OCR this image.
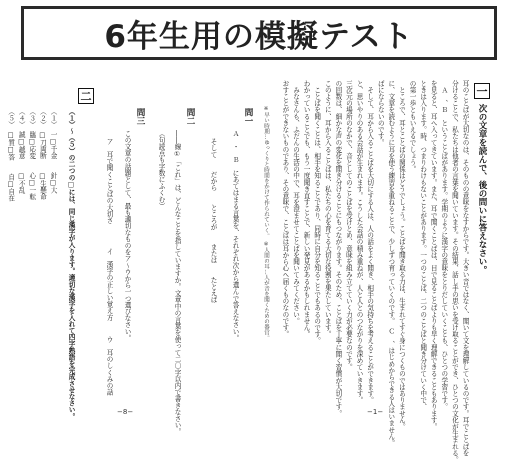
6年生用の模擬テスト
一
次の文章を読んで、後の問いに答えなさい。
耳のことばが大切なのは、そのものの意味をなすからです。大きい音ではなく、聞いて文を理解しているのです。耳でことばを
分けることで、私たちは他者の言葉を聞いています。その結果、話し手の思いを受け取ることができ、ひとつの文化が生まれる。
　Ａ　、Ｂ　ということばがあります。学期のように漢字の意味をとりだしていくことも、ひとつの学習です。
を見ると、耳へ入ってきています。また、耳で聞くことばは、目で見ることばよりも早く理解できることもあります。
ときは入ります。時、つまりわけもないことがあります。一つのことば、二つのことばと聞き分けていく中で、
の第一歩ともいえるでしょう。
　ところで、耳とことばの関係はどうでしょう。ことばを聞き取る力は、生まれてすぐ身につくものではありません。
に、文章を読むように耳を使う練習を重ねることで、少しずつ育っていくのです。　Ｃ　、はじめからできる人はいません。
ばにならないのです。
　そして、耳から入ることばを大切にする人は、人の話をよく聞き、相手の気持ちを考えることができます。
と、思いやりのある会話が生まれます。こうした会話の積み重ねが、人と人とのつながりを深めていきます。
三次元の場所のなかで、音としてのことばを受けとめ、意味を組み立てていく力が必要なのです。
の回数は、細かな声の変化を聞き分けることにもつながります。そのため、ことばを丁寧に聞く習慣が大切です。
このように、耳から入ることばは、私たちの心を育てる大切な役割を果たしています。
　ことばを聞くことは、相手を知ることであり、同時に自分を知ることでもあるのです。
わかっていることでも、もう一度聞き直すことで、新しい発見があるかもしれません。
　みなさんも、ふだんの生活の中で、耳を澄ませてことばを聞いてみてください。
おすことができないものであり、その意味で、ことばは耳から心へ届くものなのです。
※早い時期…ゆっくりと時間をかけて作られていく。　※人間の耳…人が音を聞くための器官。
問一
Ａ　・　Ｂ　にあてはまる言葉を、それぞれ次から選んで答えなさい。
そして　　だから　　ところが　　または　　たとえば
問二
――線①「これ」は、どんなことを指していますか。文章中の言葉を使って二〇字以内で書きなさい。
（句読点も字数にふくむ）
問三
この文章の話題として、最も適切なものをア〜ウから一つ選びなさい。
ア　耳で聞くことばの大切さ
イ　漢字の正しい覚え方
ウ　耳のしくみの話
二
（１）〜（５）の二つの□には、同じ漢字が入ります。適切な漢字を入れて四字熟語を完成させなさい。
（１）　一□千金　　針□大
（２）　□刀両断　　□生懸命
（３）　臨□応変　　心□一転
（４）　誠□誠意　　□不乱
（５）　□質□答　　自□自在
−8−	−1−
